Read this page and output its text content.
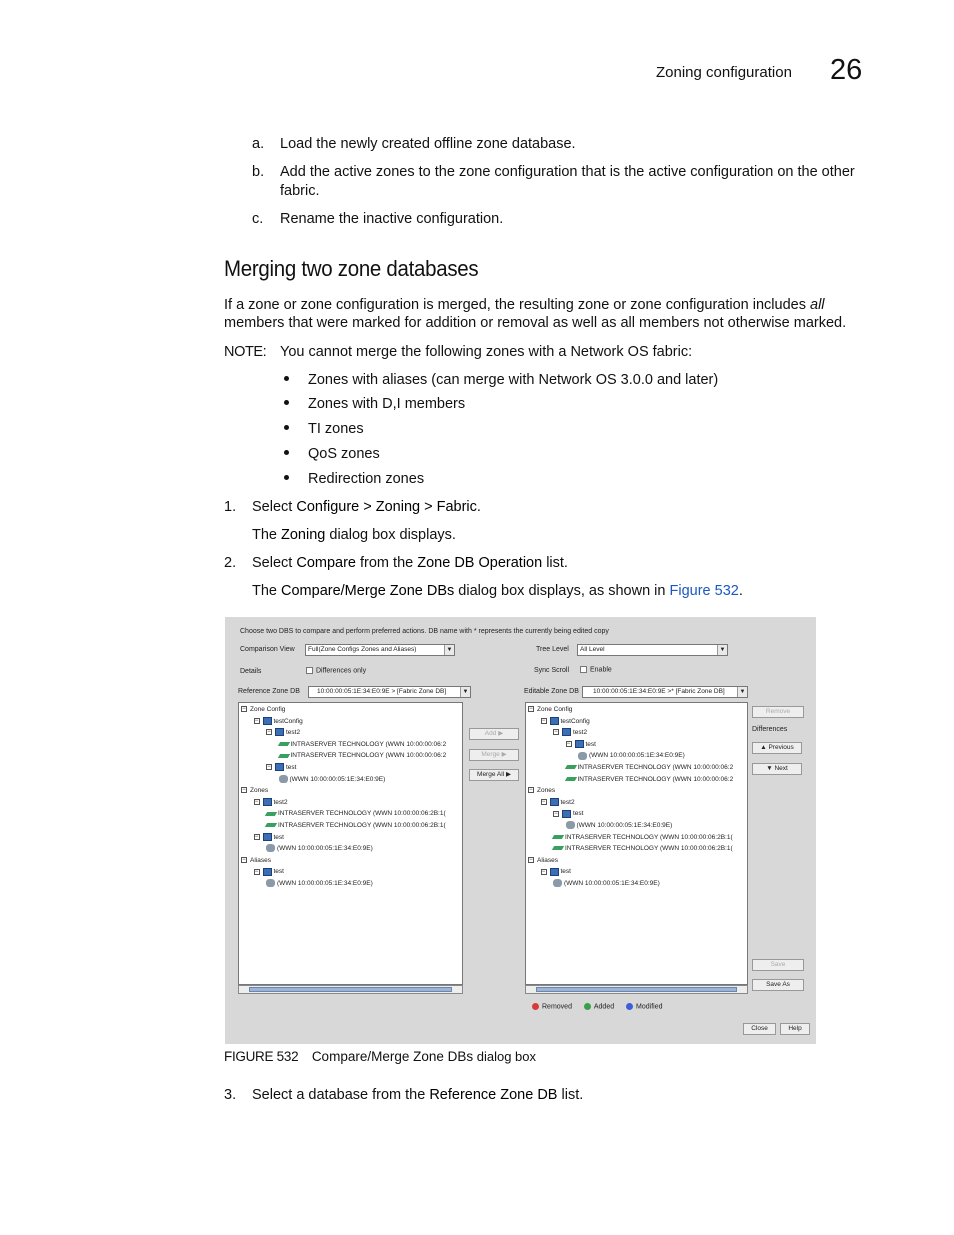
Zoning configuration 26
a. Load the newly created offline zone database.
b. Add the active zones to the zone configuration that is the active configuration on the other
fabric.
c. Rename the inactive configuration.
Merging two zone databases
If a zone or zone configuration is merged, the resulting zone or zone configuration includes all
members that were marked for addition or removal as well as all members not otherwise marked.
NOTE: You cannot merge the following zones with a Network OS fabric:
Zones with aliases (can merge with Network OS 3.0.0 and later)
Zones with D,I members
TI zones
QoS zones
Redirection zones
1. Select Configure > Zoning > Fabric.
The Zoning dialog box displays.
2. Select Compare from the Zone DB Operation list.
The Compare/Merge Zone DBs dialog box displays, as shown in Figure 532.
Choose two DBS to compare and perform preferred actions. DB name with * represents the currently being edited copy
Comparison View	Full(Zone Configs Zones and Aliases)	▼	Tree Level	All Level	▼
Details	Differences only	Sync Scroll	Enable
Reference Zone DB	10:00:00:05:1E:34:E0:9E > [Fabric Zone DB]	▼	Editable Zone DB	10:00:00:05:1E:34:E0:9E >* [Fabric Zone DB]	▼
− Zone Config
− testConfig
− test2
INTRASERVER TECHNOLOGY (WWN 10:00:00:06:2
INTRASERVER TECHNOLOGY (WWN 10:00:00:06:2
− test
(WWN 10:00:00:05:1E:34:E0:9E)
− Zones
− test2
INTRASERVER TECHNOLOGY (WWN 10:00:00:06:2B:1(
INTRASERVER TECHNOLOGY (WWN 10:00:00:06:2B:1(
− test
(WWN 10:00:00:05:1E:34:E0:9E)
− Aliases
− test
(WWN 10:00:00:05:1E:34:E0:9E)
− Zone Config
− testConfig
− test2
− test
(WWN 10:00:00:05:1E:34:E0:9E)
INTRASERVER TECHNOLOGY (WWN 10:00:00:06:2
INTRASERVER TECHNOLOGY (WWN 10:00:00:06:2
− Zones
− test2
− test
(WWN 10:00:00:05:1E:34:E0:9E)
INTRASERVER TECHNOLOGY (WWN 10:00:00:06:2B:1(
INTRASERVER TECHNOLOGY (WWN 10:00:00:06:2B:1(
− Aliases
− test
(WWN 10:00:00:05:1E:34:E0:9E)
Add ▶
Merge ▶
Merge All ▶
Remove
Differences
▲ Previous
▼ Next
Save
Save As
Removed	Added	Modified
Close	Help
FIGURE 532 Compare/Merge Zone DBs dialog box
3. Select a database from the Reference Zone DB list.
